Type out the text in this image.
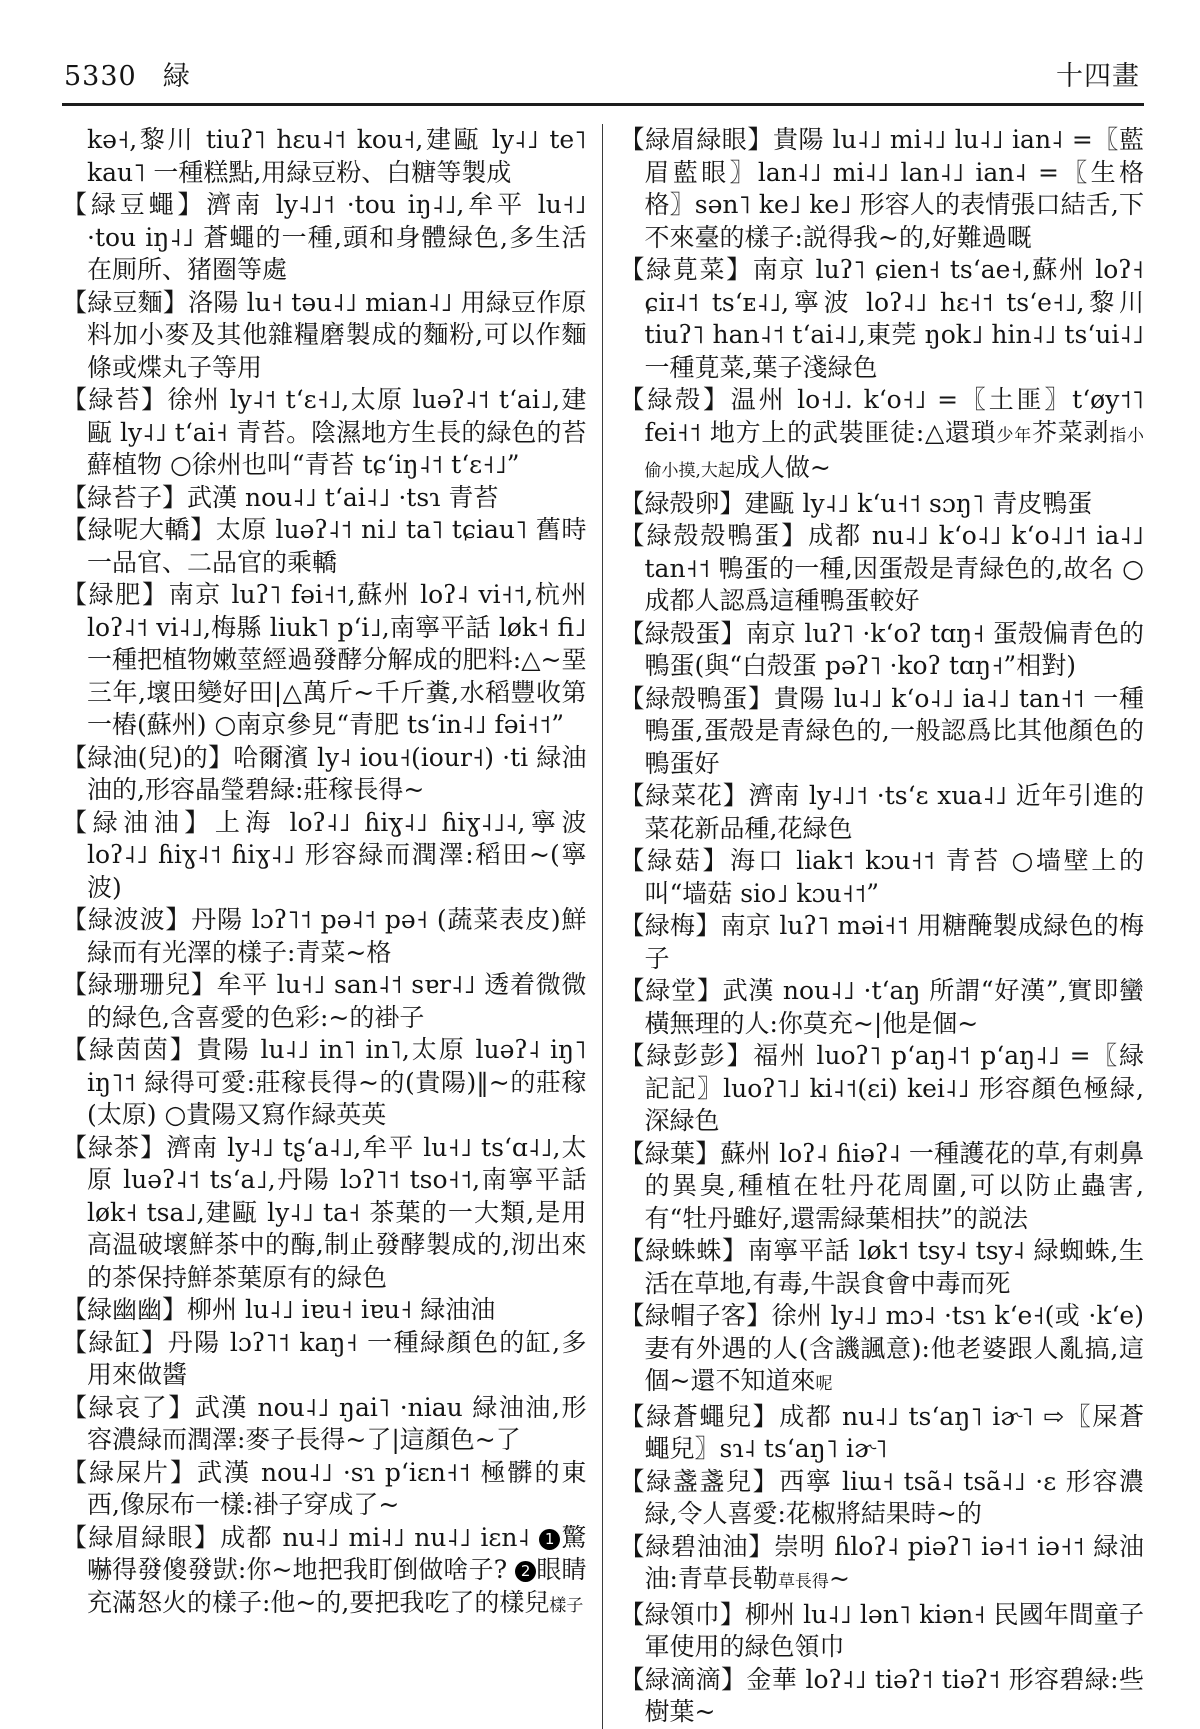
5330 緑	十四畫
kə˧,黎川 tiuʔ˥ hɛu˨˦ kou˧,建甌 ly˨˩ te˥ kau˥ 一種糕點,用緑豆粉、白糖等製成
【緑豆蠅】濟南 ly˨˩˦ ·tou iŋ˨˩,牟平 lu˧˩ ·tou iŋ˨˩ 蒼蠅的一種,頭和身體緑色,多生活在厠所、猪圈等處
【緑豆麵】洛陽 lu˧ təu˨˩ mian˨˩ 用緑豆作原料加小麥及其他雜糧磨製成的麵粉,可以作麵條或煠丸子等用
【緑苔】徐州 ly˨˦ tʻɛ˧˩,太原 luəʔ˨˦ tʻai˩,建甌 ly˨˩ tʻai˧ 青苔。陰濕地方生長的緑色的苔蘚植物 ○徐州也叫“青苔 tɕʻiŋ˨˦ tʻɛ˧˩”
【緑苔子】武漢 nou˨˩ tʻai˨˩ ·tsɿ 青苔
【緑呢大轎】太原 luəʔ˨˦ ni˩ ta˥ tɕiau˥ 舊時一品官、二品官的乘轎
【緑肥】南京 luʔ˥ fəi˧˦,蘇州 loʔ˨ vi˧˦,杭州 loʔ˨˦ vi˨˩,梅縣 liuk˥ pʻi˩,南寧平話 løk˧ fi˩ 一種把植物嫩莖經過發酵分解成的肥料:△~堊三年,壞田變好田|△萬斤~千斤糞,水稻豐收第一樁(蘇州) ○南京參見“青肥 tsʻin˨˩ fəi˧˦”
【緑油(兒)的】哈爾濱 ly˨ iou˧(iour˧) ·ti 緑油油的,形容晶瑩碧緑:莊稼長得~
【緑油油】上海 loʔ˨˩ ɦiɣ˨˩ ɦiɣ˨˩˨,寧波 loʔ˨˩ ɦiɣ˨˦ ɦiɣ˨˩ 形容緑而潤澤:稻田~(寧波)
【緑波波】丹陽 lɔʔ˥˦ pə˨˦ pə˧ (蔬菜表皮)鮮緑而有光澤的樣子:青菜~格
【緑珊珊兒】牟平 lu˧˩ san˨˦ sɐr˨˩ 透着微微的緑色,含喜愛的色彩:~的褂子
【緑茵茵】貴陽 lu˨˩ in˥ in˥,太原 luəʔ˨ iŋ˥ iŋ˥˦ 緑得可愛:莊稼長得~的(貴陽)‖~的莊稼(太原) ○貴陽又寫作緑英英
【緑茶】濟南 ly˨˩ tʂʻa˨˩,牟平 lu˧˩ tsʻɑ˨˩,太原 luəʔ˨˦ tsʻa˩,丹陽 lɔʔ˥˦ tso˧˦,南寧平話 løk˧ tsa˩,建甌 ly˨˩ ta˧ 茶葉的一大類,是用高温破壞鮮茶中的酶,制止發酵製成的,沏出來的茶保持鮮茶葉原有的緑色
【緑幽幽】柳州 lu˨˩ iɐu˧ iɐu˧ 緑油油
【緑缸】丹陽 lɔʔ˥˦ kaŋ˧ 一種緑顏色的缸,多用來做醬
【緑哀了】武漢 nou˨˩ ŋai˥ ·niau 緑油油,形容濃緑而潤澤:麥子長得~了|這顏色~了
【緑屎片】武漢 nou˨˩ ·sɿ pʻiɛn˧˦ 極髒的東西,像尿布一樣:褂子穿成了~
【緑眉緑眼】成都 nu˨˩ mi˨˩ nu˨˩ iɛn˨ 1 驚嚇得發傻發獃:你~地把我盯倒做啥子? 2 眼睛充滿怒火的樣子:他~的,要把我吃了的樣兒樣子
【緑眉緑眼】貴陽 lu˨˩ mi˨˩ lu˨˩ ian˨ =〖藍眉藍眼〗lan˨˩ mi˨˩ lan˨˩ ian˨ =〖生格格〗sən˥ ke˩ ke˩ 形容人的表情張口結舌,下不來臺的樣子:説得我~的,好難過嘅
【緑莧菜】南京 luʔ˥ ɕien˧ tsʻae˧,蘇州 loʔ˧ ɕiɪ˨˦ tsʻᴇ˨˩,寧波 loʔ˨˩ hɛ˧˦ tsʻe˧˩,黎川 tiuʔ˥ han˨˦ tʻai˨˩,東莞 ŋok˩ hin˨˩ tsʻui˨˩ 一種莧菜,葉子淺緑色
【緑殻】温州 lo˧˩. kʻo˧˩ =〖土匪〗tʻøy˦˥ fei˧˦ 地方上的武裝匪徒:△還瑣少年芥菜剥指小偷小摸,大起成人做~
【緑殻卵】建甌 ly˨˩ kʻu˧˦ sɔŋ˥ 青皮鴨蛋
【緑殻殻鴨蛋】成都 nu˨˩ kʻo˨˩ kʻo˨˩˦ ia˨˩ tan˧˦ 鴨蛋的一種,因蛋殻是青緑色的,故名 ○成都人認爲這種鴨蛋較好
【緑殻蛋】南京 luʔ˥ ·kʻoʔ tɑŋ˧ 蛋殻偏青色的鴨蛋(與“白殻蛋 pəʔ˥ ·koʔ tɑŋ˧”相對)
【緑殻鴨蛋】貴陽 lu˨˩ kʻo˨˩ ia˨˩ tan˧˦ 一種鴨蛋,蛋殻是青緑色的,一般認爲比其他顏色的鴨蛋好
【緑菜花】濟南 ly˨˩˦ ·tsʻɛ xua˨˩ 近年引進的菜花新品種,花緑色
【緑菇】海口 liak˦ kɔu˧˦ 青苔 ○墙壁上的叫“墙菇 sio˩ kɔu˧˦”
【緑梅】南京 luʔ˥ məi˧˦ 用糖醃製成緑色的梅子
【緑堂】武漢 nou˨˩ ·tʻaŋ 所謂“好漢”,實即蠻橫無理的人:你莫充~|他是個~
【緑彭彭】福州 luoʔ˥ pʻaŋ˨˦ pʻaŋ˨˩ =〖緑記記〗luoʔ˥˩ ki˨˦(ɛi) kei˨˩ 形容顏色極緑,深緑色
【緑葉】蘇州 loʔ˨ ɦiəʔ˨ 一種護花的草,有刺鼻的異臭,種植在牡丹花周圍,可以防止蟲害,有“牡丹雖好,還需緑葉相扶”的説法
【緑蛛蛛】南寧平話 løk˦ tsy˨ tsy˨ 緑蜘蛛,生活在草地,有毒,牛誤食會中毒而死
【緑帽子客】徐州 ly˨˩ mɔ˨ ·tsɿ kʻe˧(或 ·kʻe) 妻有外遇的人(含譏諷意):他老婆跟人亂搞,這個~還不知道來呢
【緑蒼蠅兒】成都 nu˨˩ tsʻaŋ˥ iɚ˥ ⇨〖屎蒼蠅兒〗sɿ˨ tsʻaŋ˥ iɚ˥
【緑盞盞兒】西寧 liɯ˧ tsã˨ tsã˨˩ ·ɛ 形容濃緑,令人喜愛:花椒將結果時~的
【緑碧油油】崇明 ɦloʔ˨ piəʔ˥ iə˧˦ iə˧˦ 緑油油:青草長勒草長得~
【緑領巾】柳州 lu˨˩ lən˥ kiən˧ 民國年間童子軍使用的緑色領巾
【緑滴滴】金華 loʔ˨˩ tiəʔ˦ tiəʔ˦ 形容碧緑:些樹葉~
